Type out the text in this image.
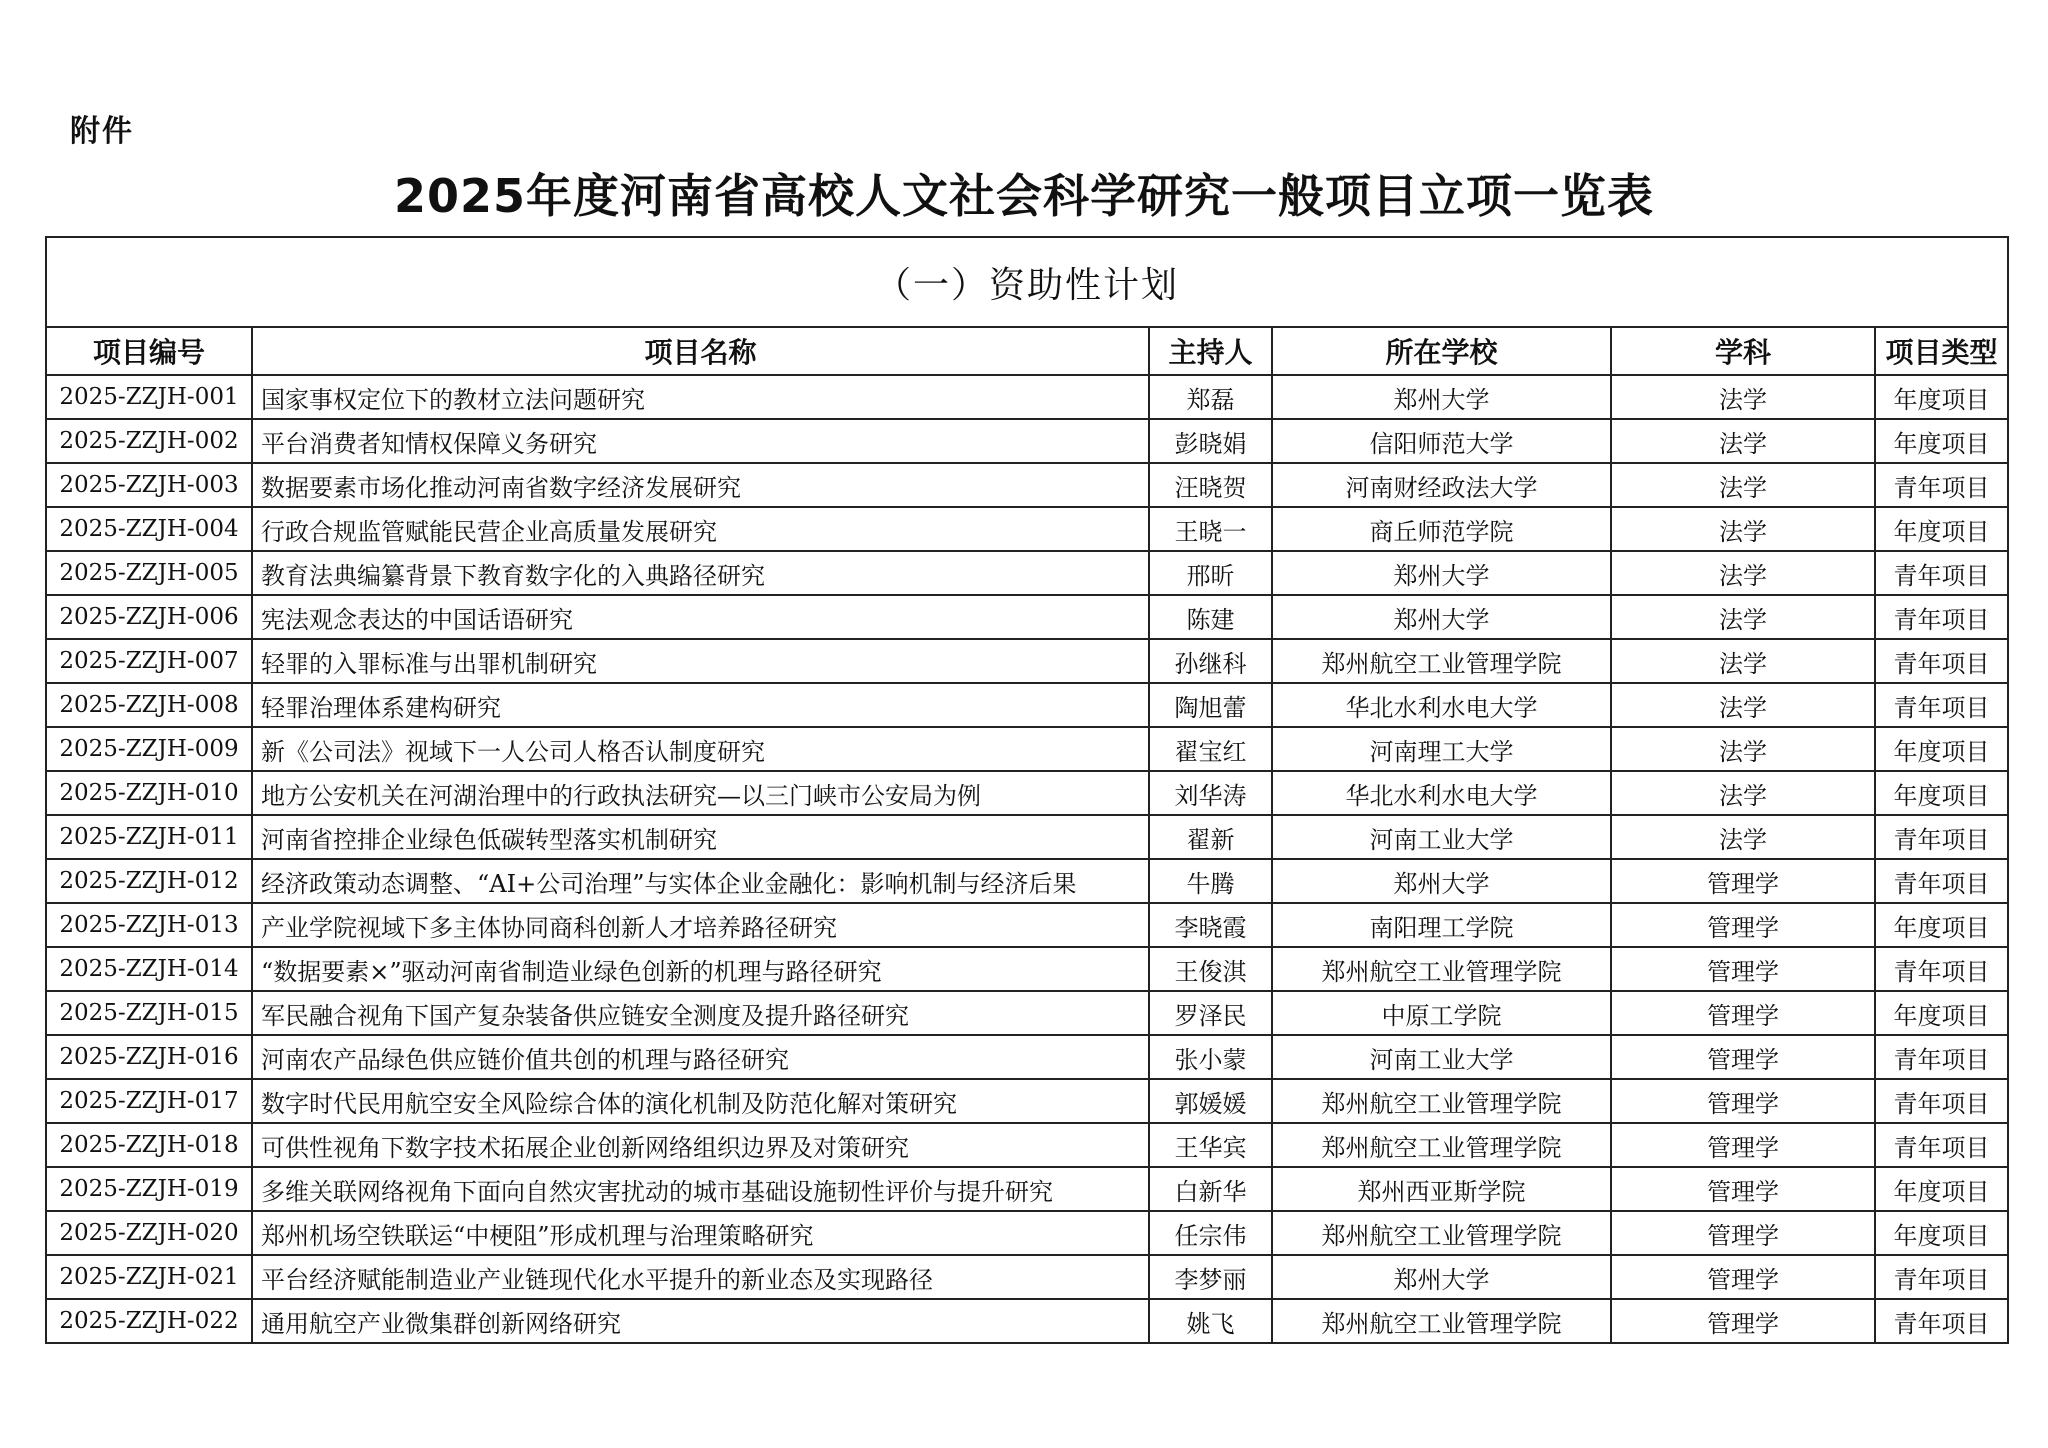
附件
2025年度河南省高校人文社会科学研究一般项目立项一览表
（一）资助性计划					
项目编号	项目名称	主持人	所在学校	学科	项目类型
2025-ZZJH-001	国家事权定位下的教材立法问题研究	郑磊	郑州大学	法学	年度项目
2025-ZZJH-002	平台消费者知情权保障义务研究	彭晓娟	信阳师范大学	法学	年度项目
2025-ZZJH-003	数据要素市场化推动河南省数字经济发展研究	汪晓贺	河南财经政法大学	法学	青年项目
2025-ZZJH-004	行政合规监管赋能民营企业高质量发展研究	王晓一	商丘师范学院	法学	年度项目
2025-ZZJH-005	教育法典编纂背景下教育数字化的入典路径研究	邢昕	郑州大学	法学	青年项目
2025-ZZJH-006	宪法观念表达的中国话语研究	陈建	郑州大学	法学	青年项目
2025-ZZJH-007	轻罪的入罪标准与出罪机制研究	孙继科	郑州航空工业管理学院	法学	青年项目
2025-ZZJH-008	轻罪治理体系建构研究	陶旭蕾	华北水利水电大学	法学	青年项目
2025-ZZJH-009	新《公司法》视域下一人公司人格否认制度研究	翟宝红	河南理工大学	法学	年度项目
2025-ZZJH-010	地方公安机关在河湖治理中的行政执法研究—以三门峡市公安局为例	刘华涛	华北水利水电大学	法学	年度项目
2025-ZZJH-011	河南省控排企业绿色低碳转型落实机制研究	翟新	河南工业大学	法学	青年项目
2025-ZZJH-012	经济政策动态调整、“AI+公司治理”与实体企业金融化：影响机制与经济后果	牛腾	郑州大学	管理学	青年项目
2025-ZZJH-013	产业学院视域下多主体协同商科创新人才培养路径研究	李晓霞	南阳理工学院	管理学	年度项目
2025-ZZJH-014	“数据要素×”驱动河南省制造业绿色创新的机理与路径研究	王俊淇	郑州航空工业管理学院	管理学	青年项目
2025-ZZJH-015	军民融合视角下国产复杂装备供应链安全测度及提升路径研究	罗泽民	中原工学院	管理学	年度项目
2025-ZZJH-016	河南农产品绿色供应链价值共创的机理与路径研究	张小蒙	河南工业大学	管理学	青年项目
2025-ZZJH-017	数字时代民用航空安全风险综合体的演化机制及防范化解对策研究	郭媛媛	郑州航空工业管理学院	管理学	青年项目
2025-ZZJH-018	可供性视角下数字技术拓展企业创新网络组织边界及对策研究	王华宾	郑州航空工业管理学院	管理学	青年项目
2025-ZZJH-019	多维关联网络视角下面向自然灾害扰动的城市基础设施韧性评价与提升研究	白新华	郑州西亚斯学院	管理学	年度项目
2025-ZZJH-020	郑州机场空铁联运“中梗阻”形成机理与治理策略研究	任宗伟	郑州航空工业管理学院	管理学	年度项目
2025-ZZJH-021	平台经济赋能制造业产业链现代化水平提升的新业态及实现路径	李梦丽	郑州大学	管理学	青年项目
2025-ZZJH-022	通用航空产业微集群创新网络研究	姚飞	郑州航空工业管理学院	管理学	青年项目
